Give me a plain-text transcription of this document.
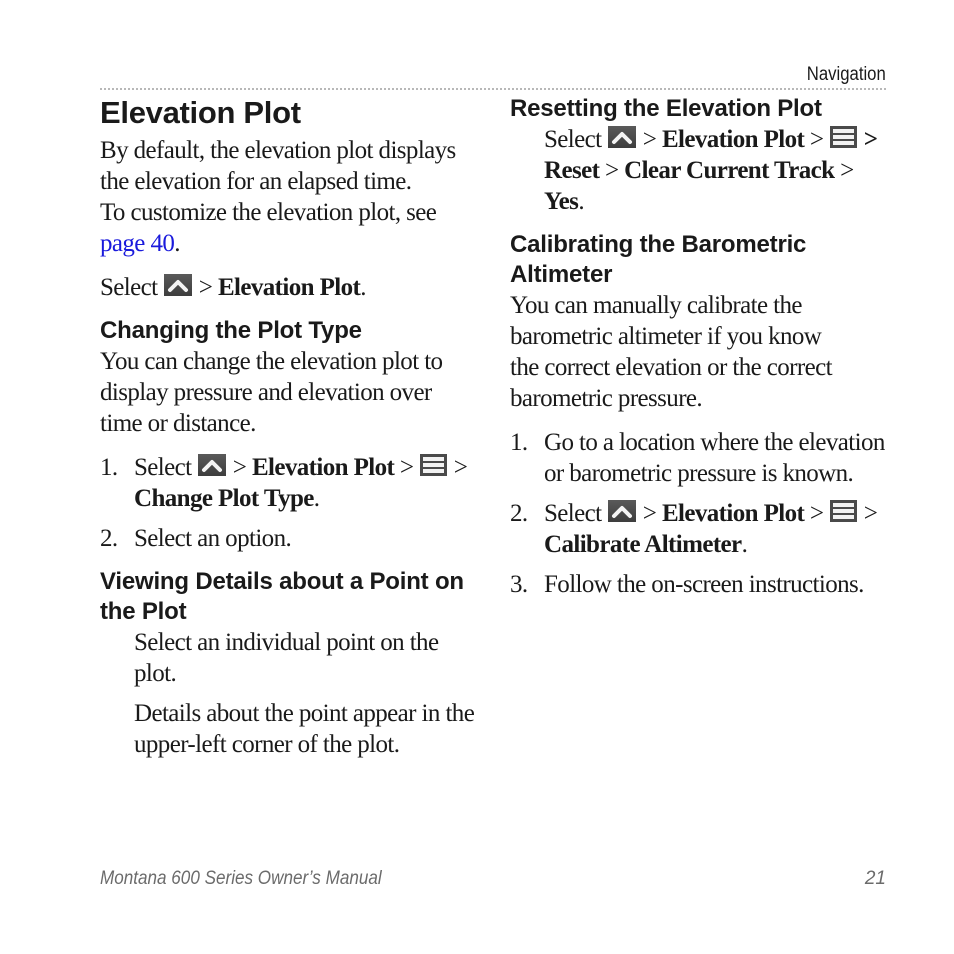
Navigation
Elevation Plot

By default, the elevation plot displays the elevation for an elapsed time.

To customize the elevation plot, see page 40.

Select > Elevation Plot.

Changing the Plot Type

You can change the elevation plot to display pressure and elevation over time or distance.

1. Select > Elevation Plot > > Change Plot Type.
2. Select an option.
Viewing Details about a Point on the Plot

Select an individual point on the plot.

Details about the point appear in the upper-left corner of the plot.

Resetting the Elevation Plot

Select > Elevation Plot > > Reset > Clear Current Track > Yes.

Calibrating the Barometric Altimeter

You can manually calibrate the barometric altimeter if you know the correct elevation or the correct barometric pressure.

1. Go to a location where the elevation or barometric pressure is known.
2. Select > Elevation Plot > > Calibrate Altimeter.
3. Follow the on-screen instructions.
Montana 600 Series Owner’s Manual	21
